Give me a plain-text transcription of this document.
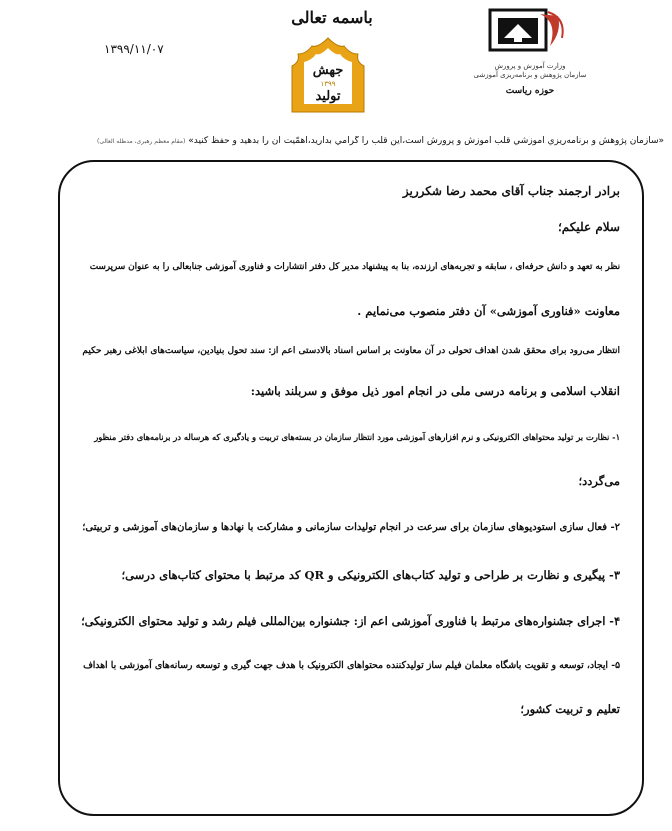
وزارت آموزش و پرورش
سازمان پژوهش و برنامه‌ریزی آموزشی
حوزه ریاست
باسمه تعالی
جهش
۱۳۹۹
تولید
۱۳۹۹/۱۱/۰۷
«سازمان پژوهش و برنامه‌ريزي آموزشي قلب آموزش و پرورش است،اين قلب را گرامي بداريد،اهمّيت آن را بدهيد و حفظ كنيد» (مقام معظم رهبری، مدظله العالی)

برادر ارجمند جناب آقای محمد رضا شکرریز

سلام علیکم؛

نظر به تعهد و دانش حرفه‌ای ، سابقه و تجربه‌های ارزنده، بنا به پیشنهاد مدیر کل دفتر انتشارات و فناوری آموزشی جنابعالی را به عنوان سرپرست

معاونت «فناوری آموزشی» آن دفتر منصوب می‌نمایم .

انتظار می‌رود برای محقق شدن اهداف تحولی در آن معاونت بر اساس اسناد بالادستی اعم از: سند تحول بنیادین، سیاست‌های ابلاغی رهبر حکیم

انقلاب اسلامی و برنامه درسی ملی در انجام امور ذیل موفق و سربلند باشید:

۱- نظارت بر تولید محتواهای الکترونیکی و نرم افزارهای آموزشی مورد انتظار سازمان در بسته‌های تربیت و یادگیری که هرساله در برنامه‌های دفتر منظور

می‌گردد؛

۲- فعال سازی استودیوهای سازمان برای سرعت در انجام تولیدات سازمانی و مشارکت با نهادها و سازمان‌های آموزشی و تربیتی؛

۳- پیگیری و نظارت بر طراحی و تولید کتاب‌های الکترونیکی و QR کد مرتبط با محتوای کتاب‌های درسی؛

۴- اجرای جشنواره‌های مرتبط با فناوری آموزشی اعم از: جشنواره بین‌المللی فیلم رشد و تولید محتوای الکترونیکی؛

۵- ایجاد، توسعه و تقویت باشگاه معلمان فیلم ساز تولیدکننده محتواهای الکترونیک با هدف جهت گیری و توسعه رسانه‌های آموزشی با اهداف

تعلیم و تربیت کشور؛
